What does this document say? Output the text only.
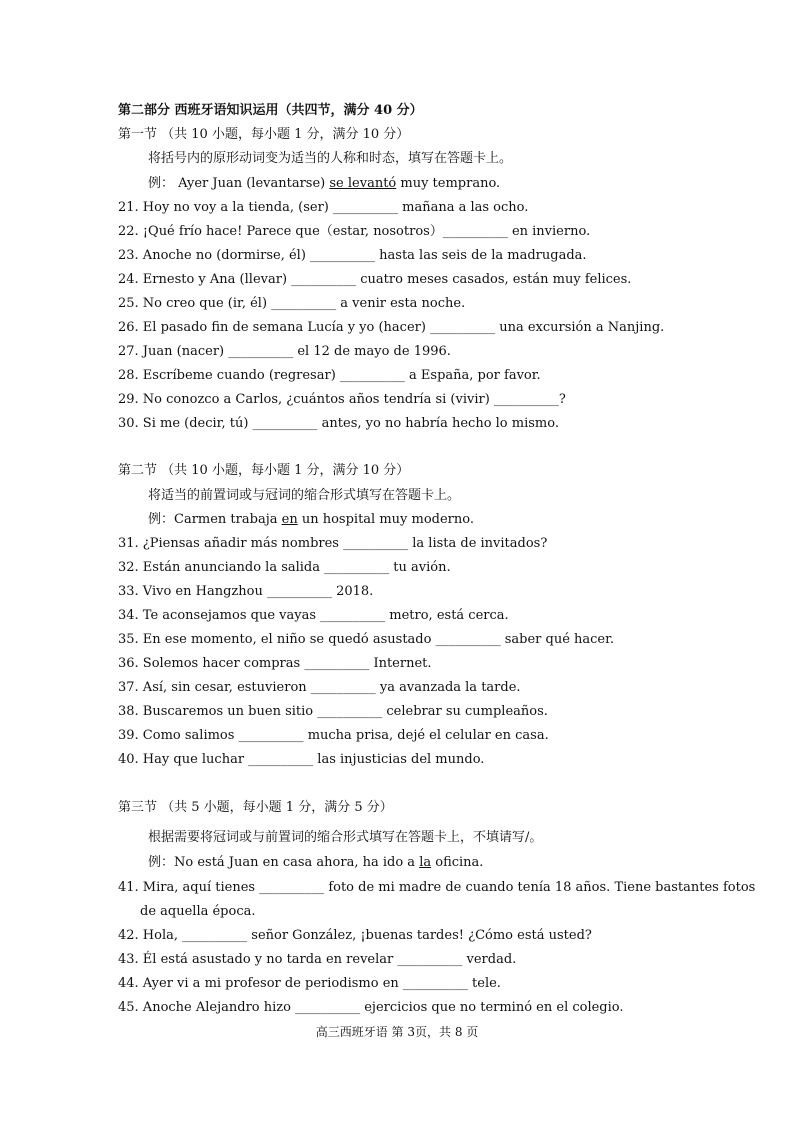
第二部分 西班牙语知识运用（共四节，满分 40 分）
第一节 （共 10 小题，每小题 1 分，满分 10 分）
将括号内的原形动词变为适当的人称和时态，填写在答题卡上。
例： Ayer Juan (levantarse) se levantó muy temprano.
21. Hoy no voy a la tienda, (ser) __________ mañana a las ocho.
22. ¡Qué frío hace! Parece que（estar, nosotros）__________ en invierno.
23. Anoche no (dormirse, él) __________ hasta las seis de la madrugada.
24. Ernesto y Ana (llevar) __________ cuatro meses casados, están muy felices.
25. No creo que (ir, él) __________ a venir esta noche.
26. El pasado fin de semana Lucía y yo (hacer) __________ una excursión a Nanjing.
27. Juan (nacer) __________ el 12 de mayo de 1996.
28. Escríbeme cuando (regresar) __________ a España, por favor.
29. No conozco a Carlos, ¿cuántos años tendría si (vivir) __________?
30. Si me (decir, tú) __________ antes, yo no habría hecho lo mismo.
第二节 （共 10 小题，每小题 1 分，满分 10 分）
将适当的前置词或与冠词的缩合形式填写在答题卡上。
例：Carmen trabaja en un hospital muy moderno.
31. ¿Piensas añadir más nombres __________ la lista de invitados?
32. Están anunciando la salida __________ tu avión.
33. Vivo en Hangzhou __________ 2018.
34. Te aconsejamos que vayas __________ metro, está cerca.
35. En ese momento, el niño se quedó asustado __________ saber qué hacer.
36. Solemos hacer compras __________ Internet.
37. Así, sin cesar, estuvieron __________ ya avanzada la tarde.
38. Buscaremos un buen sitio __________ celebrar su cumpleaños.
39. Como salimos __________ mucha prisa, dejé el celular en casa.
40. Hay que luchar __________ las injusticias del mundo.
第三节 （共 5 小题，每小题 1 分，满分 5 分）
根据需要将冠词或与前置词的缩合形式填写在答题卡上，不填请写/。
例：No está Juan en casa ahora, ha ido a la oficina.
41. Mira, aquí tienes __________ foto de mi madre de cuando tenía 18 años. Tiene bastantes fotos
de aquella época.
42. Hola, __________ señor González, ¡buenas tardes! ¿Cómo está usted?
43. Él está asustado y no tarda en revelar __________ verdad.
44. Ayer vi a mi profesor de periodismo en __________ tele.
45. Anoche Alejandro hizo __________ ejercicios que no terminó en el colegio.
高三西班牙语 第 3页，共 8 页
